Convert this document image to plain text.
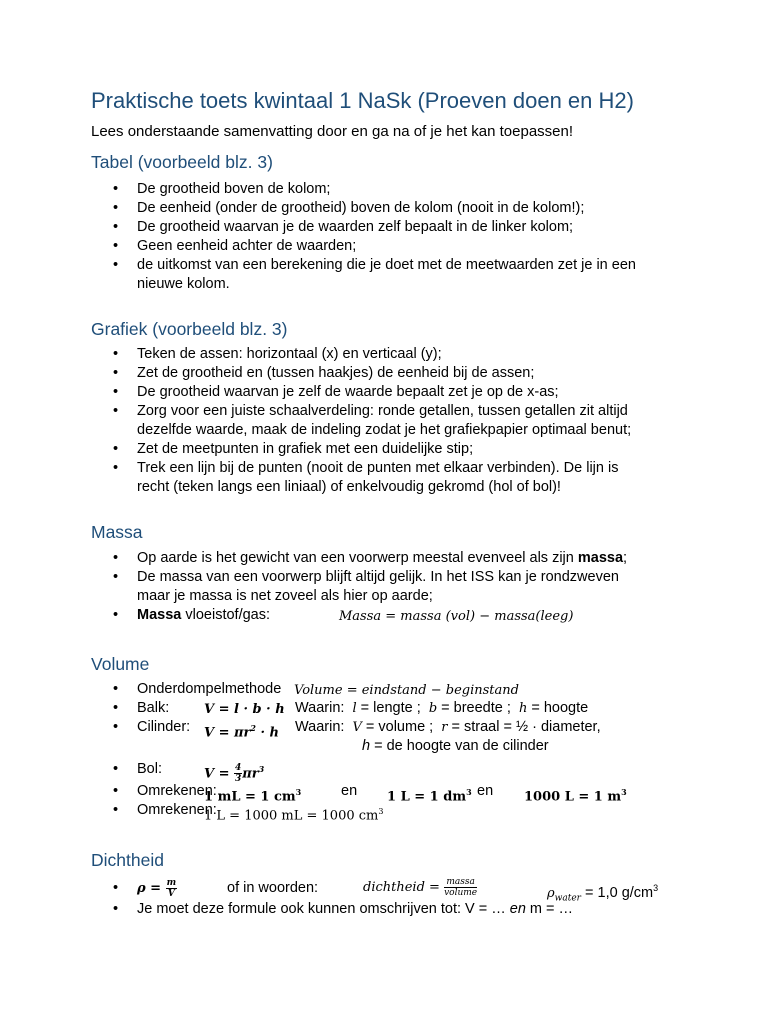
Praktische toets kwintaal 1 NaSk (Proeven doen en H2)
Lees onderstaande samenvatting door en ga na of je het kan toepassen!
Tabel (voorbeeld blz. 3)
• De grootheid boven de kolom;
• De eenheid (onder de grootheid) boven de kolom (nooit in de kolom!);
• De grootheid waarvan je de waarden zelf bepaalt in de linker kolom;
• Geen eenheid achter de waarden;
• de uitkomst van een berekening die je doet met de meetwaarden zet je in een
nieuwe kolom.
Grafiek (voorbeeld blz. 3)
• Teken de assen: horizontaal (x) en verticaal (y);
• Zet de grootheid en (tussen haakjes) de eenheid bij de assen;
• De grootheid waarvan je zelf de waarde bepaalt zet je op de x-as;
• Zorg voor een juiste schaalverdeling: ronde getallen, tussen getallen zit altijd
dezelfde waarde, maak de indeling zodat je het grafiekpapier optimaal benut;
• Zet de meetpunten in grafiek met een duidelijke stip;
• Trek een lijn bij de punten (nooit de punten met elkaar verbinden). De lijn is
recht (teken langs een liniaal) of enkelvoudig gekromd (hol of bol)!
Massa
• Op aarde is het gewicht van een voorwerp meestal evenveel als zijn massa;
• De massa van een voorwerp blijft altijd gelijk. In het ISS kan je rondzweven
maar je massa is net zoveel als hier op aarde;
• Massa vloeistof/gas:	Massa = massa (vol) − massa(leeg)
Volume
• Onderdompelmethode Volume = eindstand − beginstand
• Balk:	V = l · b · h Waarin: l = lengte ; b = breedte ; h = hoogte
• Cilinder: $V = \pi r^2 \cdot h$ Waarin: V = volume ; r = straal = ½ · diameter,
h = de hoogte van de cilinder
• Bol:	$V = \frac{4}{3} \pi r^3$
• Omrekenen:
1 mL = 1 $cm^3$	en 1 L = 1 $dm^3$ en 1000 L = 1 $m^3$
• Omrekenen:
1 L = 1000 mL = 1000 $cm^3$
Dichtheid
• $\rho = \frac{m}{V}$	of in woorden:	dichtheid = $\frac{\text{massa}}{\text{volume}}$	$\rho_{water} = 1,0$ $g/cm^3$
• Je moet deze formule ook kunnen omschrijven tot: V = … en m = …
